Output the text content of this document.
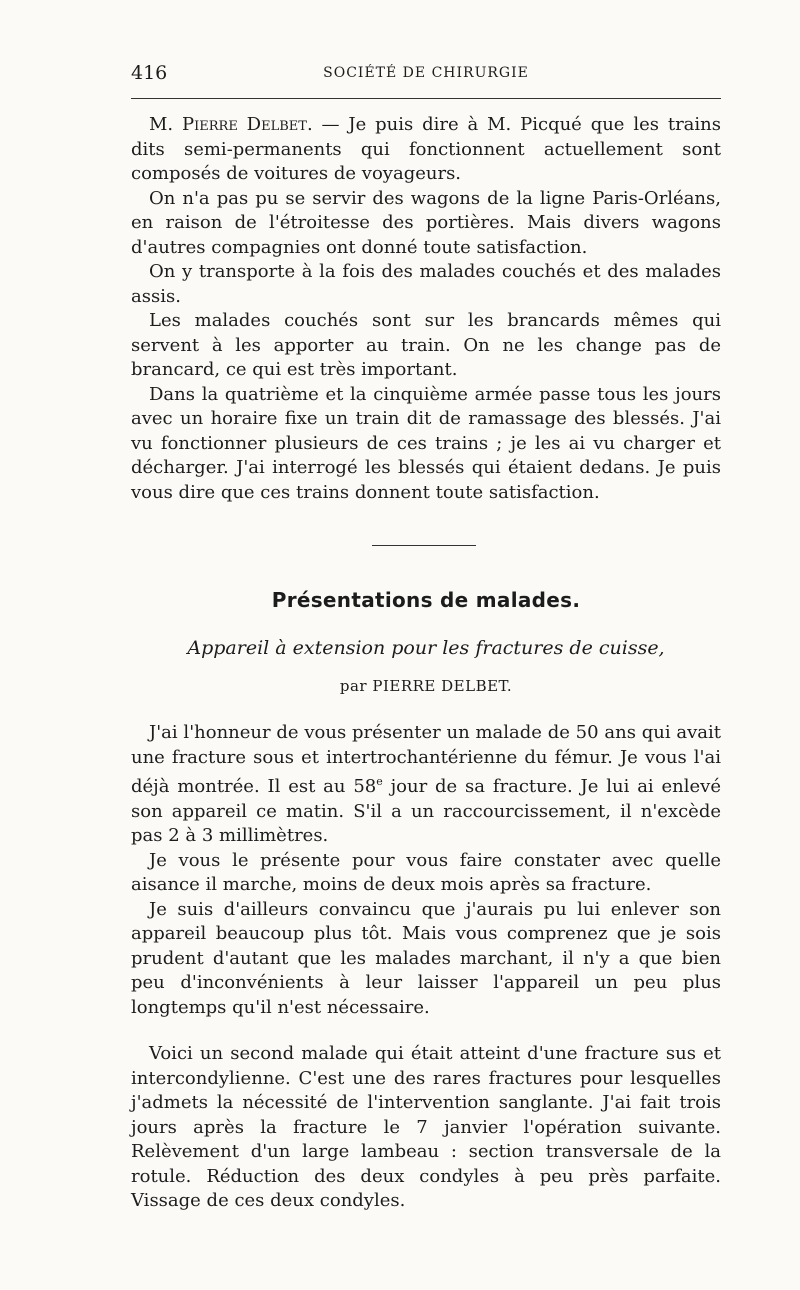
416	SOCIÉTÉ DE CHIRURGIE

M. Pierre Delbet. — Je puis dire à M. Picqué que les trains dits semi-permanents qui fonctionnent actuellement sont composés de voitures de voyageurs.

On n'a pas pu se servir des wagons de la ligne Paris-Orléans, en raison de l'étroitesse des portières. Mais divers wagons d'autres compagnies ont donné toute satisfaction.

On y transporte à la fois des malades couchés et des malades assis.

Les malades couchés sont sur les brancards mêmes qui servent à les apporter au train. On ne les change pas de brancard, ce qui est très important.

Dans la quatrième et la cinquième armée passe tous les jours avec un horaire fixe un train dit de ramassage des blessés. J'ai vu fonctionner plusieurs de ces trains ; je les ai vu charger et décharger. J'ai interrogé les blessés qui étaient dedans. Je puis vous dire que ces trains donnent toute satisfaction.

Présentations de malades.
Appareil à extension pour les fractures de cuisse,
par PIERRE DELBET.

J'ai l'honneur de vous présenter un malade de 50 ans qui avait une fracture sous et intertrochantérienne du fémur. Je vous l'ai déjà montrée. Il est au 58e jour de sa fracture. Je lui ai enlevé son appareil ce matin. S'il a un raccourcissement, il n'excède pas 2 à 3 millimètres.

Je vous le présente pour vous faire constater avec quelle aisance il marche, moins de deux mois après sa fracture.

Je suis d'ailleurs convaincu que j'aurais pu lui enlever son appareil beaucoup plus tôt. Mais vous comprenez que je sois prudent d'autant que les malades marchant, il n'y a que bien peu d'inconvénients à leur laisser l'appareil un peu plus longtemps qu'il n'est nécessaire.

Voici un second malade qui était atteint d'une fracture sus et intercondylienne. C'est une des rares fractures pour lesquelles j'admets la nécessité de l'intervention sanglante. J'ai fait trois jours après la fracture le 7 janvier l'opération suivante. Relèvement d'un large lambeau : section transversale de la rotule. Réduction des deux condyles à peu près parfaite. Vissage de ces deux condyles.
